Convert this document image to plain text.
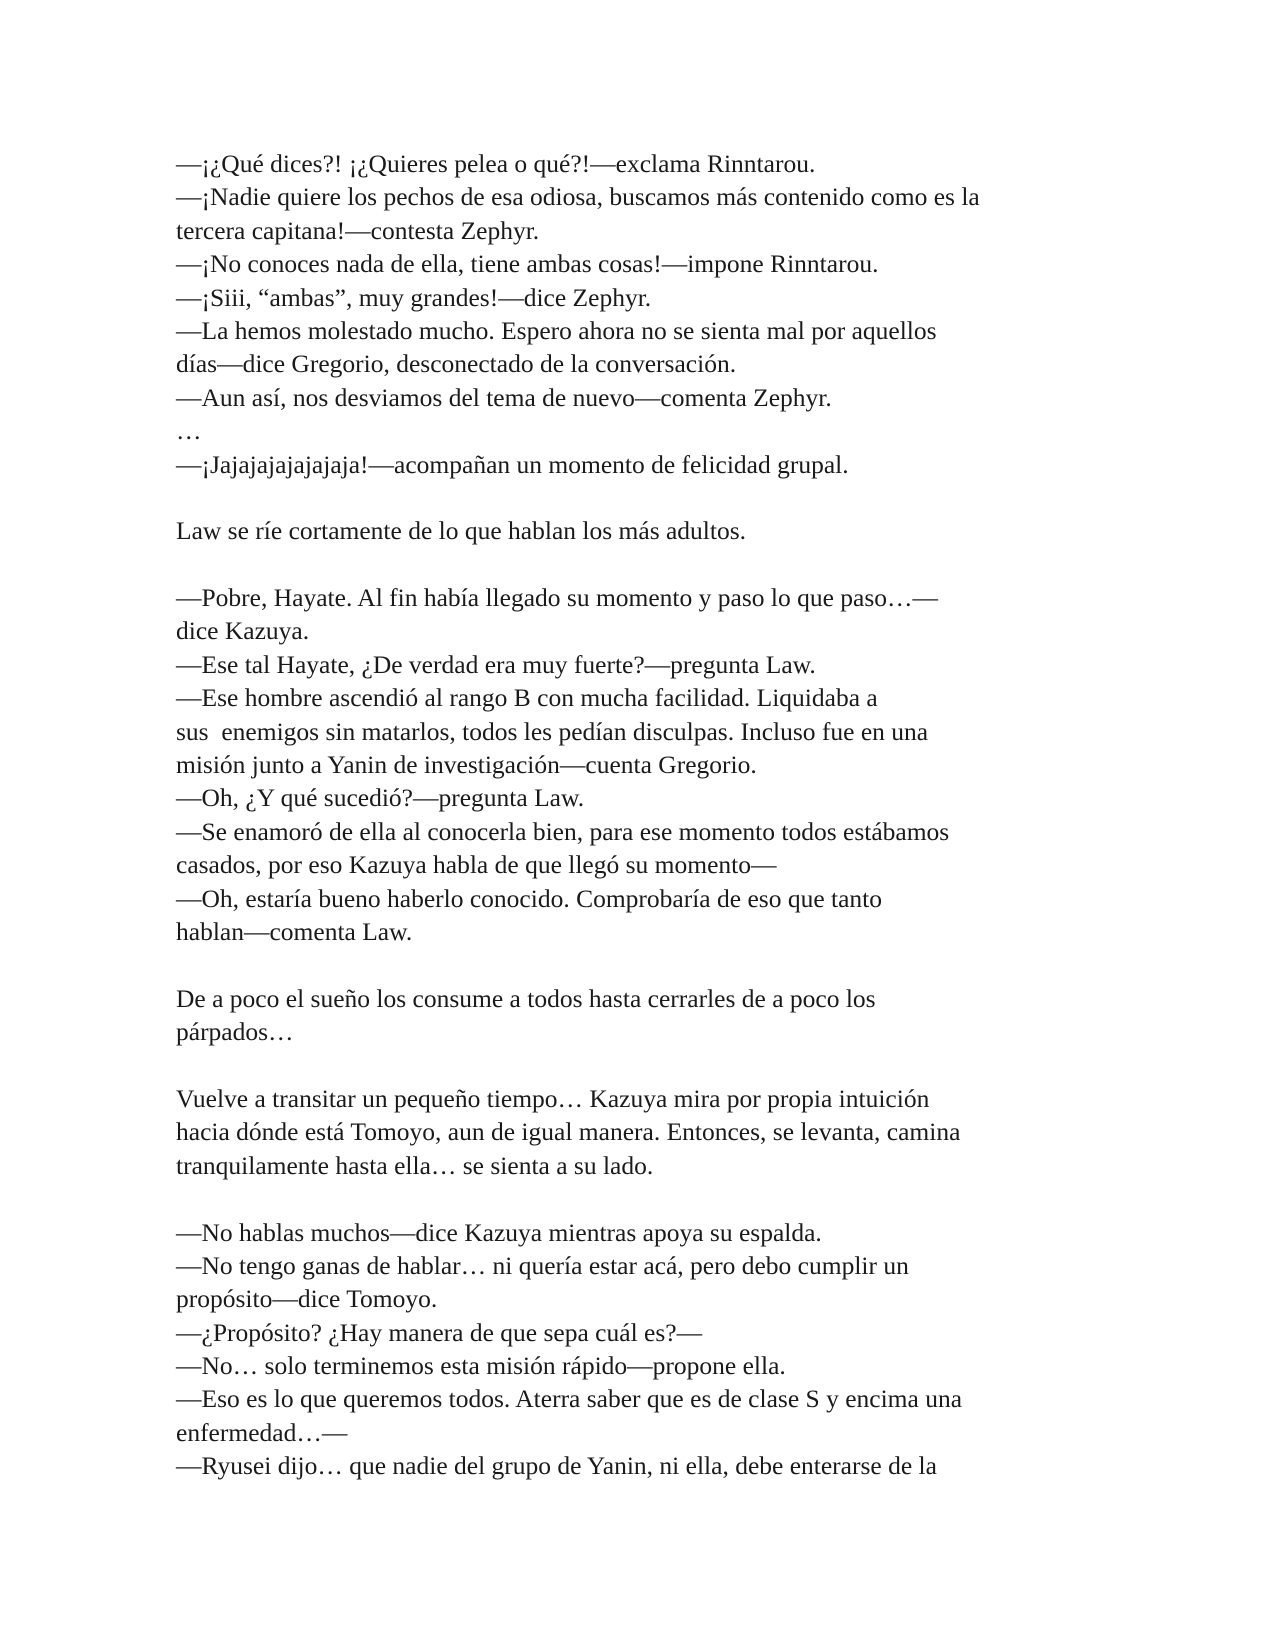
—¡¿Qué dices?! ¡¿Quieres pelea o qué?!—exclama Rinntarou.
—¡Nadie quiere los pechos de esa odiosa, buscamos más contenido como es la
tercera capitana!—contesta Zephyr.
—¡No conoces nada de ella, tiene ambas cosas!—impone Rinntarou.
—¡Siii, “ambas”, muy grandes!—dice Zephyr.
—La hemos molestado mucho. Espero ahora no se sienta mal por aquellos
días—dice Gregorio, desconectado de la conversación.
—Aun así, nos desviamos del tema de nuevo—comenta Zephyr.
…
—¡Jajajajajajajaja!—acompañan un momento de felicidad grupal.
Law se ríe cortamente de lo que hablan los más adultos.
—Pobre, Hayate. Al fin había llegado su momento y paso lo que paso…—
dice Kazuya.
—Ese tal Hayate, ¿De verdad era muy fuerte?—pregunta Law.
—Ese hombre ascendió al rango B con mucha facilidad. Liquidaba a
sus  enemigos sin matarlos, todos les pedían disculpas. Incluso fue en una
misión junto a Yanin de investigación—cuenta Gregorio.
—Oh, ¿Y qué sucedió?—pregunta Law.
—Se enamoró de ella al conocerla bien, para ese momento todos estábamos
casados, por eso Kazuya habla de que llegó su momento—
—Oh, estaría bueno haberlo conocido. Comprobaría de eso que tanto
hablan—comenta Law.
De a poco el sueño los consume a todos hasta cerrarles de a poco los
párpados…
Vuelve a transitar un pequeño tiempo… Kazuya mira por propia intuición
hacia dónde está Tomoyo, aun de igual manera. Entonces, se levanta, camina
tranquilamente hasta ella… se sienta a su lado.
—No hablas muchos—dice Kazuya mientras apoya su espalda.
—No tengo ganas de hablar… ni quería estar acá, pero debo cumplir un
propósito—dice Tomoyo.
—¿Propósito? ¿Hay manera de que sepa cuál es?—
—No… solo terminemos esta misión rápido—propone ella.
—Eso es lo que queremos todos. Aterra saber que es de clase S y encima una
enfermedad…—
—Ryusei dijo… que nadie del grupo de Yanin, ni ella, debe enterarse de la
